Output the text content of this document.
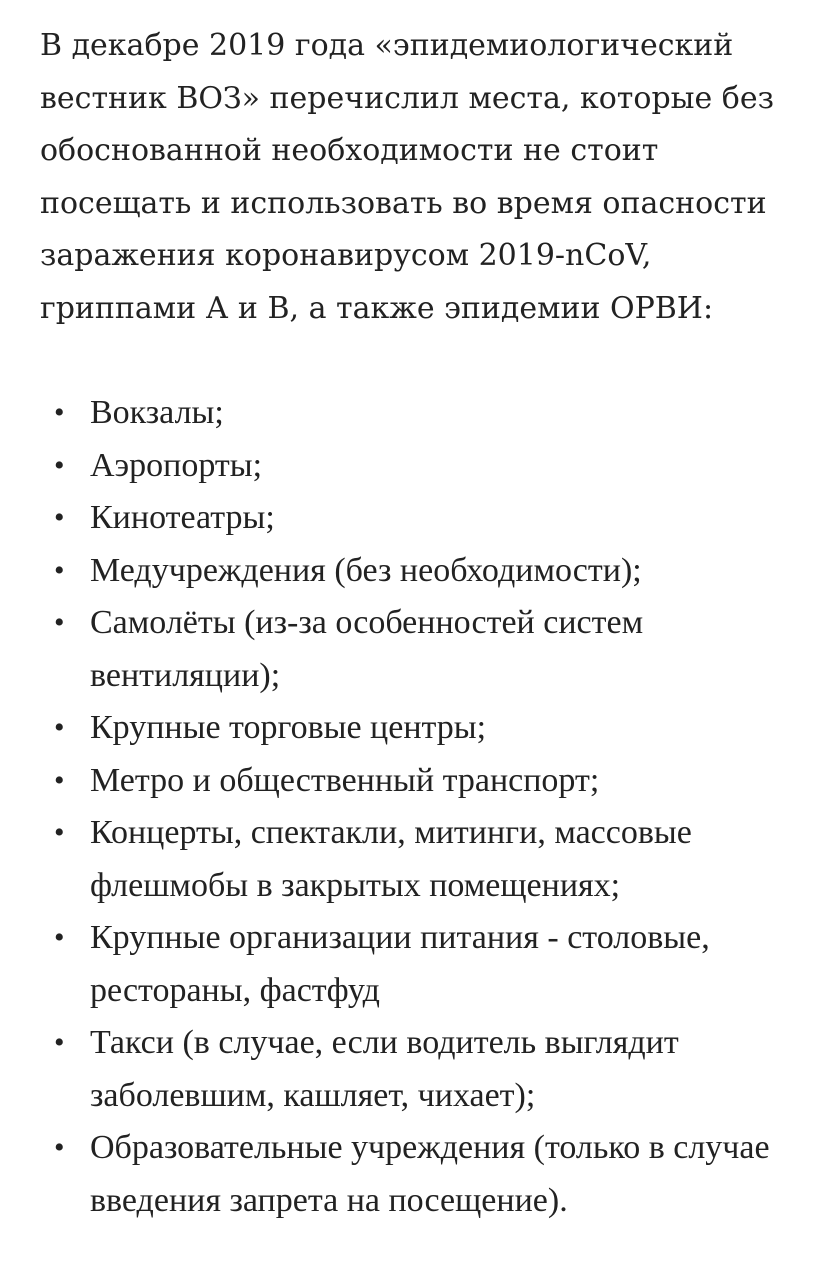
В декабре 2019 года «эпидемиологический вестник ВОЗ» перечислил места, которые без обоснованной необходимости не стоит посещать и использовать во время опасности заражения коронавирусом 2019-nCoV, гриппами А и В, а также эпидемии ОРВИ:

• Вокзалы;
• Аэропорты;
• Кинотеатры;
• Медучреждения (без необходимости);
• Самолёты (из-за особенностей систем вентиляции);
• Крупные торговые центры;
• Метро и общественный транспорт;
• Концерты, спектакли, митинги, массовые флешмобы в закрытых помещениях;
• Крупные организации питания - столовые, рестораны, фастфуд
• Такси (в случае, если водитель выглядит заболевшим, кашляет, чихает);
• Образовательные учреждения (только в случае введения запрета на посещение).
